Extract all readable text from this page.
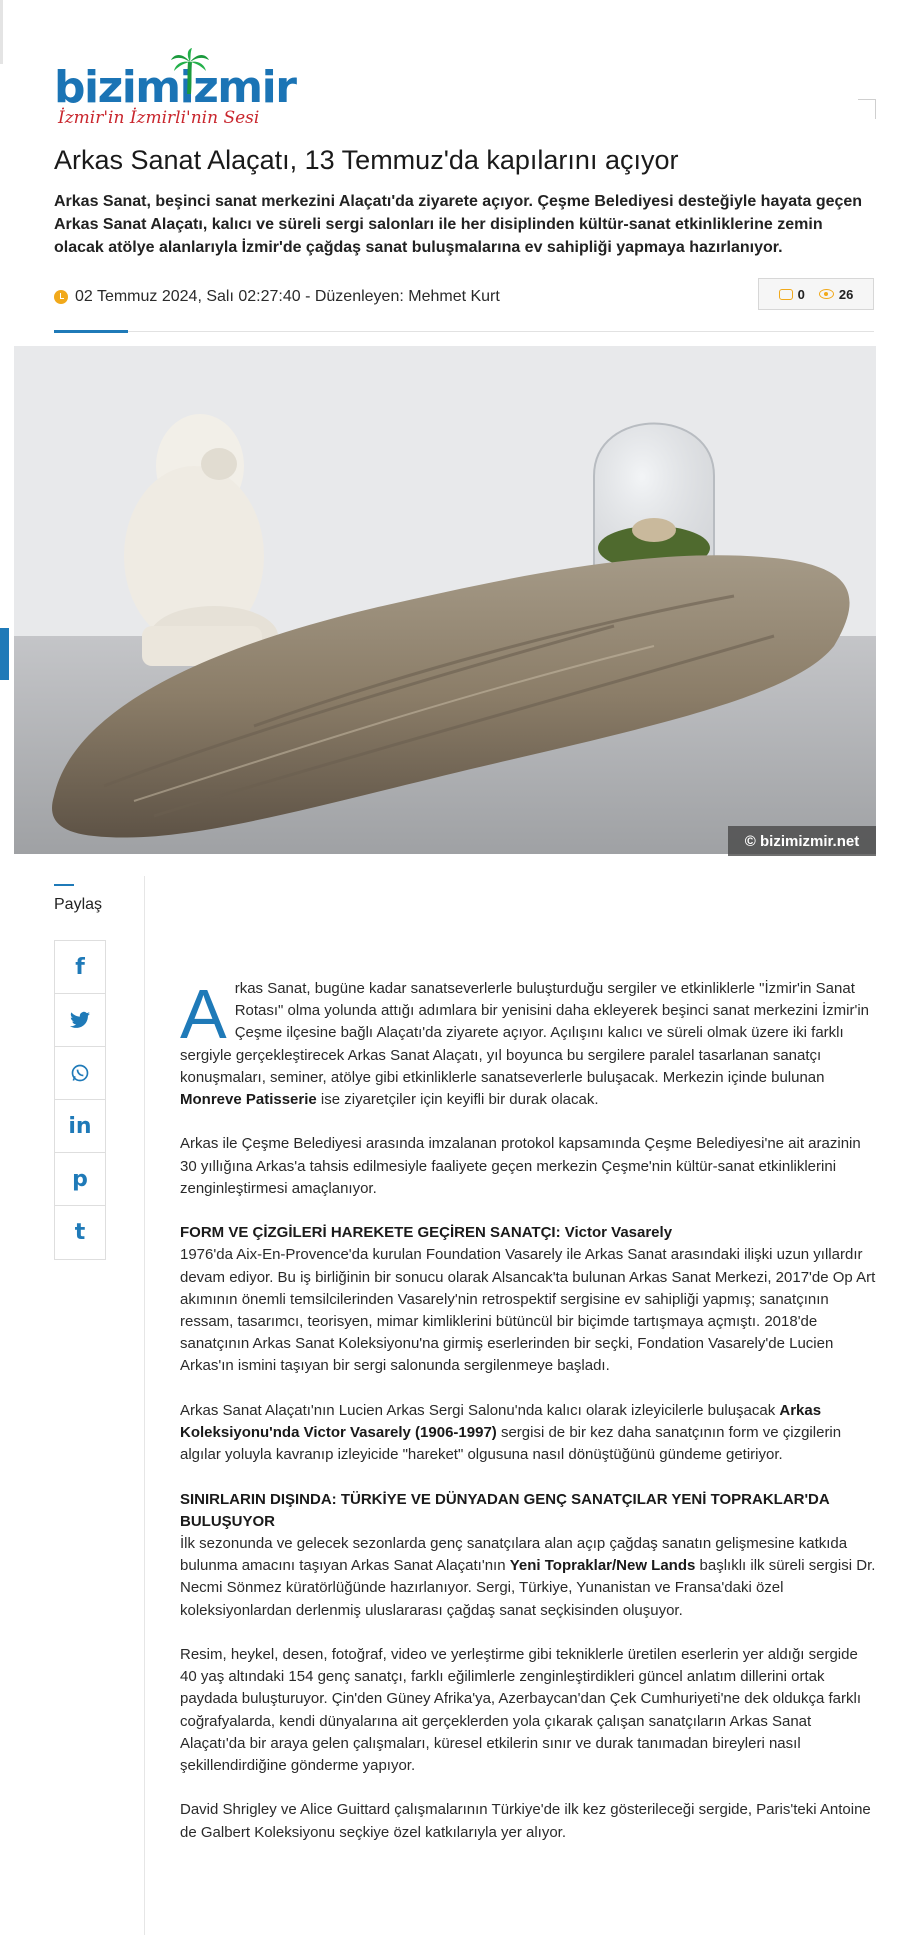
bizimizmir
İzmir'in İzmirli'nin Sesi
Arkas Sanat Alaçatı, 13 Temmuz'da kapılarını açıyor

Arkas Sanat, beşinci sanat merkezini Alaçatı'da ziyarete açıyor. Çeşme Belediyesi desteğiyle hayata geçen Arkas Sanat Alaçatı, kalıcı ve süreli sergi salonları ile her disiplinden kültür-sanat etkinliklerine zemin olacak atölye alanlarıyla İzmir'de çağdaş sanat buluşmalarına ev sahipliği yapmaya hazırlanıyor.

02 Temmuz 2024, Salı 02:27:40 - Düzenleyen: Mehmet Kurt	0	26
© bizimizmir.net
Paylaş
f
in
p
t

Arkas Sanat, bugüne kadar sanatseverlerle buluşturduğu sergiler ve etkinliklerle "İzmir'in Sanat Rotası" olma yolunda attığı adımlara bir yenisini daha ekleyerek beşinci sanat merkezini İzmir'in Çeşme ilçesine bağlı Alaçatı'da ziyarete açıyor. Açılışını kalıcı ve süreli olmak üzere iki farklı sergiyle gerçekleştirecek Arkas Sanat Alaçatı, yıl boyunca bu sergilere paralel tasarlanan sanatçı konuşmaları, seminer, atölye gibi etkinliklerle sanatseverlerle buluşacak. Merkezin içinde bulunan Monreve Patisserie ise ziyaretçiler için keyifli bir durak olacak.

Arkas ile Çeşme Belediyesi arasında imzalanan protokol kapsamında Çeşme Belediyesi'ne ait arazinin 30 yıllığına Arkas'a tahsis edilmesiyle faaliyete geçen merkezin Çeşme'nin kültür-sanat etkinliklerini zenginleştirmesi amaçlanıyor.

FORM VE ÇİZGİLERİ HAREKETE GEÇİREN SANATÇI: Victor Vasarely

1976'da Aix-En-Provence'da kurulan Foundation Vasarely ile Arkas Sanat arasındaki ilişki uzun yıllardır devam ediyor. Bu iş birliğinin bir sonucu olarak Alsancak'ta bulunan Arkas Sanat Merkezi, 2017'de Op Art akımının önemli temsilcilerinden Vasarely'nin retrospektif sergisine ev sahipliği yapmış; sanatçının ressam, tasarımcı, teorisyen, mimar kimliklerini bütüncül bir biçimde tartışmaya açmıştı. 2018'de sanatçının Arkas Sanat Koleksiyonu'na girmiş eserlerinden bir seçki, Fondation Vasarely'de Lucien Arkas'ın ismini taşıyan bir sergi salonunda sergilenmeye başladı.

Arkas Sanat Alaçatı'nın Lucien Arkas Sergi Salonu'nda kalıcı olarak izleyicilerle buluşacak Arkas Koleksiyonu'nda Victor Vasarely (1906-1997) sergisi de bir kez daha sanatçının form ve çizgilerin algılar yoluyla kavranıp izleyicide "hareket" olgusuna nasıl dönüştüğünü gündeme getiriyor.

SINIRLARIN DIŞINDA: TÜRKİYE VE DÜNYADAN GENÇ SANATÇILAR YENİ TOPRAKLAR'DA BULUŞUYOR

İlk sezonunda ve gelecek sezonlarda genç sanatçılara alan açıp çağdaş sanatın gelişmesine katkıda bulunma amacını taşıyan Arkas Sanat Alaçatı'nın Yeni Topraklar/New Lands başlıklı ilk süreli sergisi Dr. Necmi Sönmez küratörlüğünde hazırlanıyor. Sergi, Türkiye, Yunanistan ve Fransa'daki özel koleksiyonlardan derlenmiş uluslararası çağdaş sanat seçkisinden oluşuyor.

Resim, heykel, desen, fotoğraf, video ve yerleştirme gibi tekniklerle üretilen eserlerin yer aldığı sergide 40 yaş altındaki 154 genç sanatçı, farklı eğilimlerle zenginleştirdikleri güncel anlatım dillerini ortak paydada buluşturuyor. Çin'den Güney Afrika'ya, Azerbaycan'dan Çek Cumhuriyeti'ne dek oldukça farklı coğrafyalarda, kendi dünyalarına ait gerçeklerden yola çıkarak çalışan sanatçıların Arkas Sanat Alaçatı'da bir araya gelen çalışmaları, küresel etkilerin sınır ve durak tanımadan bireyleri nasıl şekillendirdiğine gönderme yapıyor.

David Shrigley ve Alice Guittard çalışmalarının Türkiye'de ilk kez gösterileceği sergide, Paris'teki Antoine de Galbert Koleksiyonu seçkiye özel katkılarıyla yer alıyor.
